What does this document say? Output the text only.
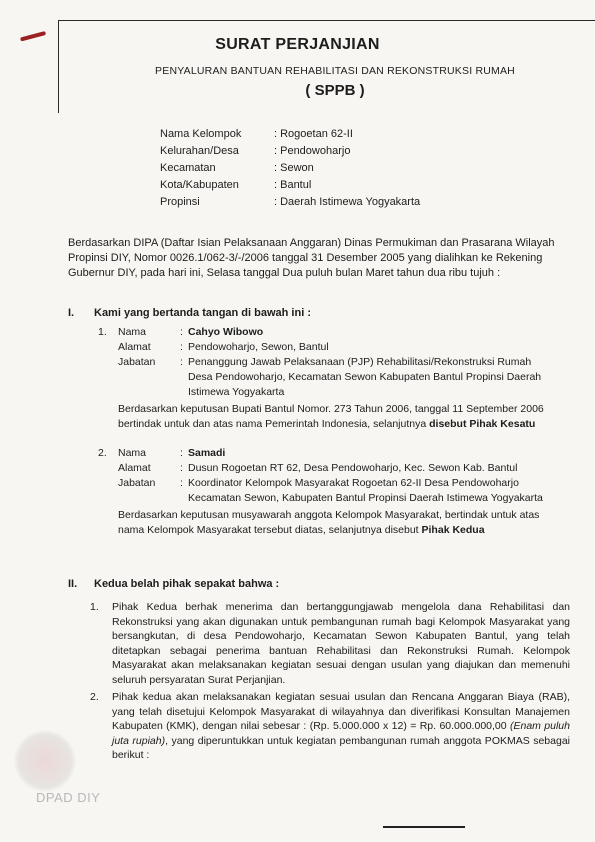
SURAT PERJANJIAN
PENYALURAN BANTUAN REHABILITASI DAN REKONSTRUKSI RUMAH
( SPPB )
Nama Kelompok	: Rogoetan 62-II
Kelurahan/Desa	: Pendowoharjo
Kecamatan	: Sewon
Kota/Kabupaten	: Bantul
Propinsi	: Daerah Istimewa Yogyakarta
Berdasarkan DIPA (Daftar Isian Pelaksanaan Anggaran) Dinas Permukiman dan Prasarana Wilayah Propinsi DIY, Nomor 0026.1/062-3/-/2006 tanggal 31 Desember 2005 yang dialihkan ke Rekening Gubernur DIY, pada hari ini, Selasa tanggal Dua puluh bulan Maret tahun dua ribu tujuh :
I. Kami yang bertanda tangan di bawah ini :
1.	Nama	: Cahyo Wibowo
Alamat	: Pendowoharjo, Sewon, Bantul
Jabatan	: Penanggung Jawab Pelaksanaan (PJP) Rehabilitasi/Rekonstruksi Rumah Desa Pendowoharjo, Kecamatan Sewon Kabupaten Bantul Propinsi Daerah Istimewa Yogyakarta
Berdasarkan keputusan Bupati Bantul Nomor. 273 Tahun 2006, tanggal 11 September 2006 bertindak untuk dan atas nama Pemerintah Indonesia, selanjutnya disebut Pihak Kesatu
2.	Nama	: Samadi
Alamat	: Dusun Rogoetan RT 62, Desa Pendowoharjo, Kec. Sewon Kab. Bantul
Jabatan	: Koordinator Kelompok Masyarakat Rogoetan 62-II Desa Pendowoharjo Kecamatan Sewon, Kabupaten Bantul Propinsi Daerah Istimewa Yogyakarta
Berdasarkan keputusan musyawarah anggota Kelompok Masyarakat, bertindak untuk atas nama Kelompok Masyarakat tersebut diatas, selanjutnya disebut Pihak Kedua
II. Kedua belah pihak sepakat bahwa :
1.	Pihak Kedua berhak menerima dan bertanggungjawab mengelola dana Rehabilitasi dan Rekonstruksi yang akan digunakan untuk pembangunan rumah bagi Kelompok Masyarakat yang bersangkutan, di desa Pendowoharjo, Kecamatan Sewon Kabupaten Bantul, yang telah ditetapkan sebagai penerima bantuan Rehabilitasi dan Rekonstruksi Rumah. Kelompok Masyarakat akan melaksanakan kegiatan sesuai dengan usulan yang diajukan dan memenuhi seluruh persyaratan Surat Perjanjian.
2.	Pihak kedua akan melaksanakan kegiatan sesuai usulan dan Rencana Anggaran Biaya (RAB), yang telah disetujui Kelompok Masyarakat di wilayahnya dan diverifikasi Konsultan Manajemen Kabupaten (KMK), dengan nilai sebesar : (Rp. 5.000.000 x 12) = Rp. 60.000.000,00 (Enam puluh juta rupiah), yang diperuntukkan untuk kegiatan pembangunan rumah anggota POKMAS sebagai berikut :
DPAD DIY
